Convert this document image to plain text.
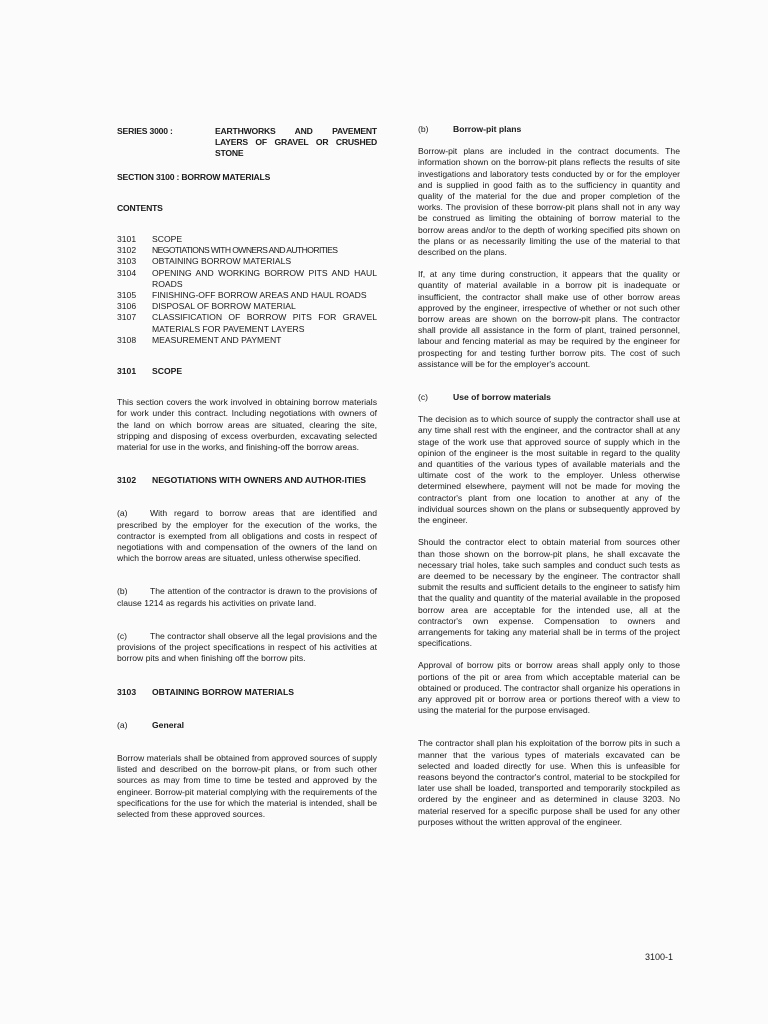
SERIES 3000 :	EARTHWORKS AND PAVEMENT LAYERS OF GRAVEL OR CRUSHED STONE
SECTION 3100 : BORROW MATERIALS
CONTENTS
3101	SCOPE
3102	NEGOTIATIONS WITH OWNERS AND AUTHORITIES
3103	OBTAINING BORROW MATERIALS
3104	OPENING AND WORKING BORROW PITS AND HAUL ROADS
3105	FINISHING-OFF BORROW AREAS AND HAUL ROADS
3106	DISPOSAL OF BORROW MATERIAL
3107	CLASSIFICATION OF BORROW PITS FOR GRAVEL MATERIALS FOR PAVEMENT LAYERS
3108	MEASUREMENT AND PAYMENT
3101	SCOPE

This section covers the work involved in obtaining borrow materials for work under this contract. Including negotiations with owners of the land on which borrow areas are situated, clearing the site, stripping and disposing of excess overburden, excavating selected material for use in the works, and finishing-off the borrow areas.

3102	NEGOTIATIONS WITH OWNERS AND AUTHOR-ITIES

(a)	With regard to borrow areas that are identified and prescribed by the employer for the execution of the works, the contractor is exempted from all obligations and costs in respect of negotiations with and compensation of the owners of the land on which the borrow areas are situated, unless otherwise specified.

(b)	The attention of the contractor is drawn to the provisions of clause 1214 as regards his activities on private land.

(c)	The contractor shall observe all the legal provisions and the provisions of the project specifications in respect of his activities at borrow pits and when finishing off the borrow pits.

3103	OBTAINING BORROW MATERIALS
(a)	General

Borrow materials shall be obtained from approved sources of supply listed and described on the borrow-pit plans, or from such other sources as may from time to time be tested and approved by the engineer. Borrow-pit material complying with the requirements of the specifications for the use for which the material is intended, shall be selected from these approved sources.

(b)	Borrow-pit plans

Borrow-pit plans are included in the contract documents. The information shown on the borrow-pit plans reflects the results of site investigations and laboratory tests conducted by or for the employer and is supplied in good faith as to the sufficiency in quantity and quality of the material for the due and proper completion of the works. The provision of these borrow-pit plans shall not in any way be construed as limiting the obtaining of borrow material to the borrow areas and/or to the depth of working specified pits shown on the plans or as necessarily limiting the use of the material to that described on the plans.

If, at any time during construction, it appears that the quality or quantity of material available in a borrow pit is inadequate or insufficient, the contractor shall make use of other borrow areas approved by the engineer, irrespective of whether or not such other borrow areas are shown on the borrow-pit plans. The contractor shall provide all assistance in the form of plant, trained personnel, labour and fencing material as may be required by the engineer for prospecting for and testing further borrow pits. The cost of such assistance will be for the employer's account.

(c)	Use of borrow materials

The decision as to which source of supply the contractor shall use at any time shall rest with the engineer, and the contractor shall at any stage of the work use that approved source of supply which in the opinion of the engineer is the most suitable in regard to the quality and quantities of the various types of available materials and the ultimate cost of the work to the employer. Unless otherwise determined elsewhere, payment will not be made for moving the contractor's plant from one location to another at any of the individual sources shown on the plans or subsequently approved by the engineer.

Should the contractor elect to obtain material from sources other than those shown on the borrow-pit plans, he shall excavate the necessary trial holes, take such samples and conduct such tests as are deemed to be necessary by the engineer. The contractor shall submit the results and sufficient details to the engineer to satisfy him that the quality and quantity of the material available in the proposed borrow area are acceptable for the intended use, all at the contractor's own expense. Compensation to owners and arrangements for taking any material shall be in terms of the project specifications.

Approval of borrow pits or borrow areas shall apply only to those portions of the pit or area from which acceptable material can be obtained or produced. The contractor shall organize his operations in any approved pit or borrow area or portions thereof with a view to using the material for the purpose envisaged.

The contractor shall plan his exploitation of the borrow pits in such a manner that the various types of materials excavated can be selected and loaded directly for use. When this is unfeasible for reasons beyond the contractor's control, material to be stockpiled for later use shall be loaded, transported and temporarily stockpiled as ordered by the engineer and as determined in clause 3203. No material reserved for a specific purpose shall be used for any other purposes without the written approval of the engineer.

3100-1
